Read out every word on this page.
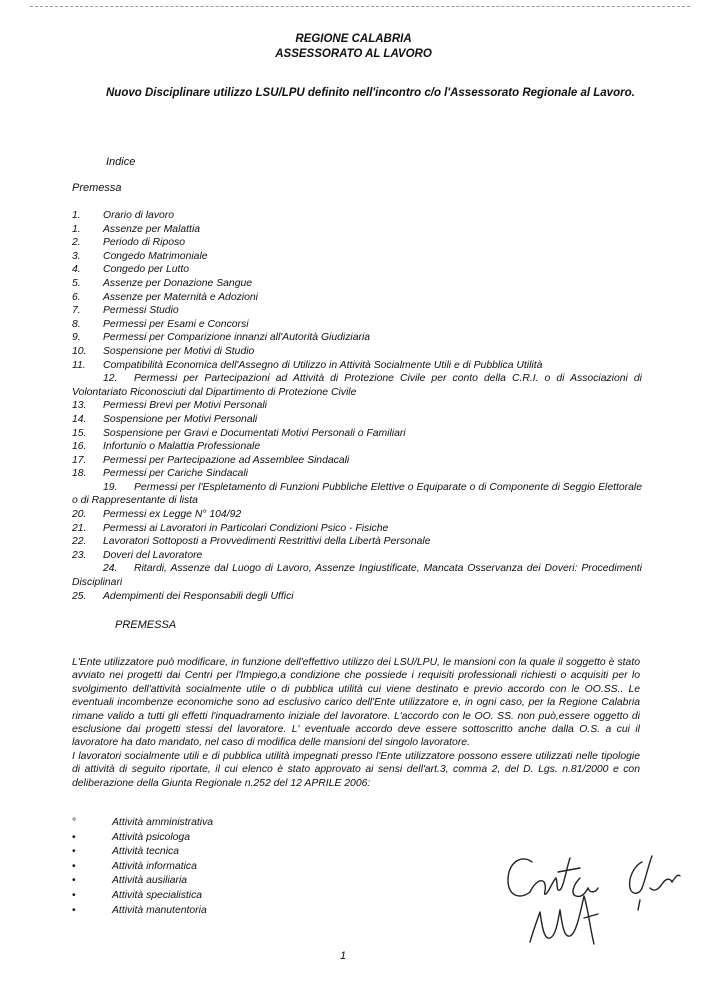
REGIONE CALABRIA
ASSESSORATO AL LAVORO
Nuovo Disciplinare utilizzo LSU/LPU definito nell'incontro c/o l'Assessorato Regionale al Lavoro.
Indice
Premessa
1. Orario di lavoro
1. Assenze per Malattia
2. Periodo di Riposo
3. Congedo Matrimoniale
4. Congedo per Lutto
5. Assenze per Donazione Sangue
6. Assenze per Maternità e Adozioni
7. Permessi Studio
8. Permessi per Esami e Concorsi
9. Permessi per Comparizione innanzi all'Autorità Giudiziaria
10. Sospensione per Motivi di Studio
11. Compatibilità Economica dell'Assegno di Utilizzo in Attività Socialmente Utili e di Pubblica Utilità
12. Permessi per Partecipazioni ad Attività di Protezione Civile per conto della C.R.I. o di Associazioni di Volontariato Riconosciuti dal Dipartimento di Protezione Civile
13. Permessi Brevi per Motivi Personali
14. Sospensione per Motivi Personali
15. Sospensione per Gravi e Documentati Motivi Personali o Familiari
16. Infortunio o Malattia Professionale
17. Permessi per Partecipazione ad Assemblee Sindacali
18. Permessi per Cariche Sindacali
19. Permessi per l'Espletamento di Funzioni Pubbliche Elettive o Equiparate o di Componente di Seggio Elettorale o di Rappresentante di lista
20. Permessi ex Legge N° 104/92
21. Permessi ai Lavoratori in Particolari Condizioni Psico - Fisiche
22. Lavoratori Sottoposti a Provvedimenti Restrittivi della Libertà Personale
23. Doveri del Lavoratore
24. Ritardi, Assenze dal Luogo di Lavoro, Assenze Ingiustificate, Mancata Osservanza dei Doveri: Procedimenti Disciplinari
25. Adempimenti dei Responsabili degli Uffici
PREMESSA

L'Ente utilizzatore può modificare, in funzione dell'effettivo utilizzo dei LSU/LPU, le mansioni con la quale il soggetto è stato avviato nei progetti dai Centri per l'Impiego,a condizione che possiede i requisiti professionali richiesti o acquisiti per lo svolgimento dell'attività socialmente utile o di pubblica utilità cui viene destinato e previo accordo con le OO.SS.. Le eventuali incombenze economiche sono ad esclusivo carico dell'Ente utilizzatore e, in ogni caso, per la Regione Calabria rimane valido a tutti gli effetti l'inquadramento iniziale del lavoratore. L'accordo con le OO. SS. non può,essere oggetto di esclusione dai progetti stessi del lavoratore. L' eventuale accordo deve essere sottoscritto anche dalla O.S. a cui il lavoratore ha dato mandato, nel caso di modifica delle mansioni del singolo lavoratore.

I lavoratori socialmente utili e di pubblica utilità impegnati presso l'Ente utilizzatore possono essere utilizzati nelle tipologie di attività di seguito riportate, il cui elenco è stato approvato ai sensi dell'art.3, comma 2, del D. Lgs. n.81/2000 e con deliberazione della Giunta Regionale n.252 del 12 APRILE 2006:

°	Attività amministrativa
•	Attività psicologa
•	Attività tecnica
•	Attività informatica
•	Attività ausiliaria
•	Attività specialistica
•	Attività manutentoria
1
